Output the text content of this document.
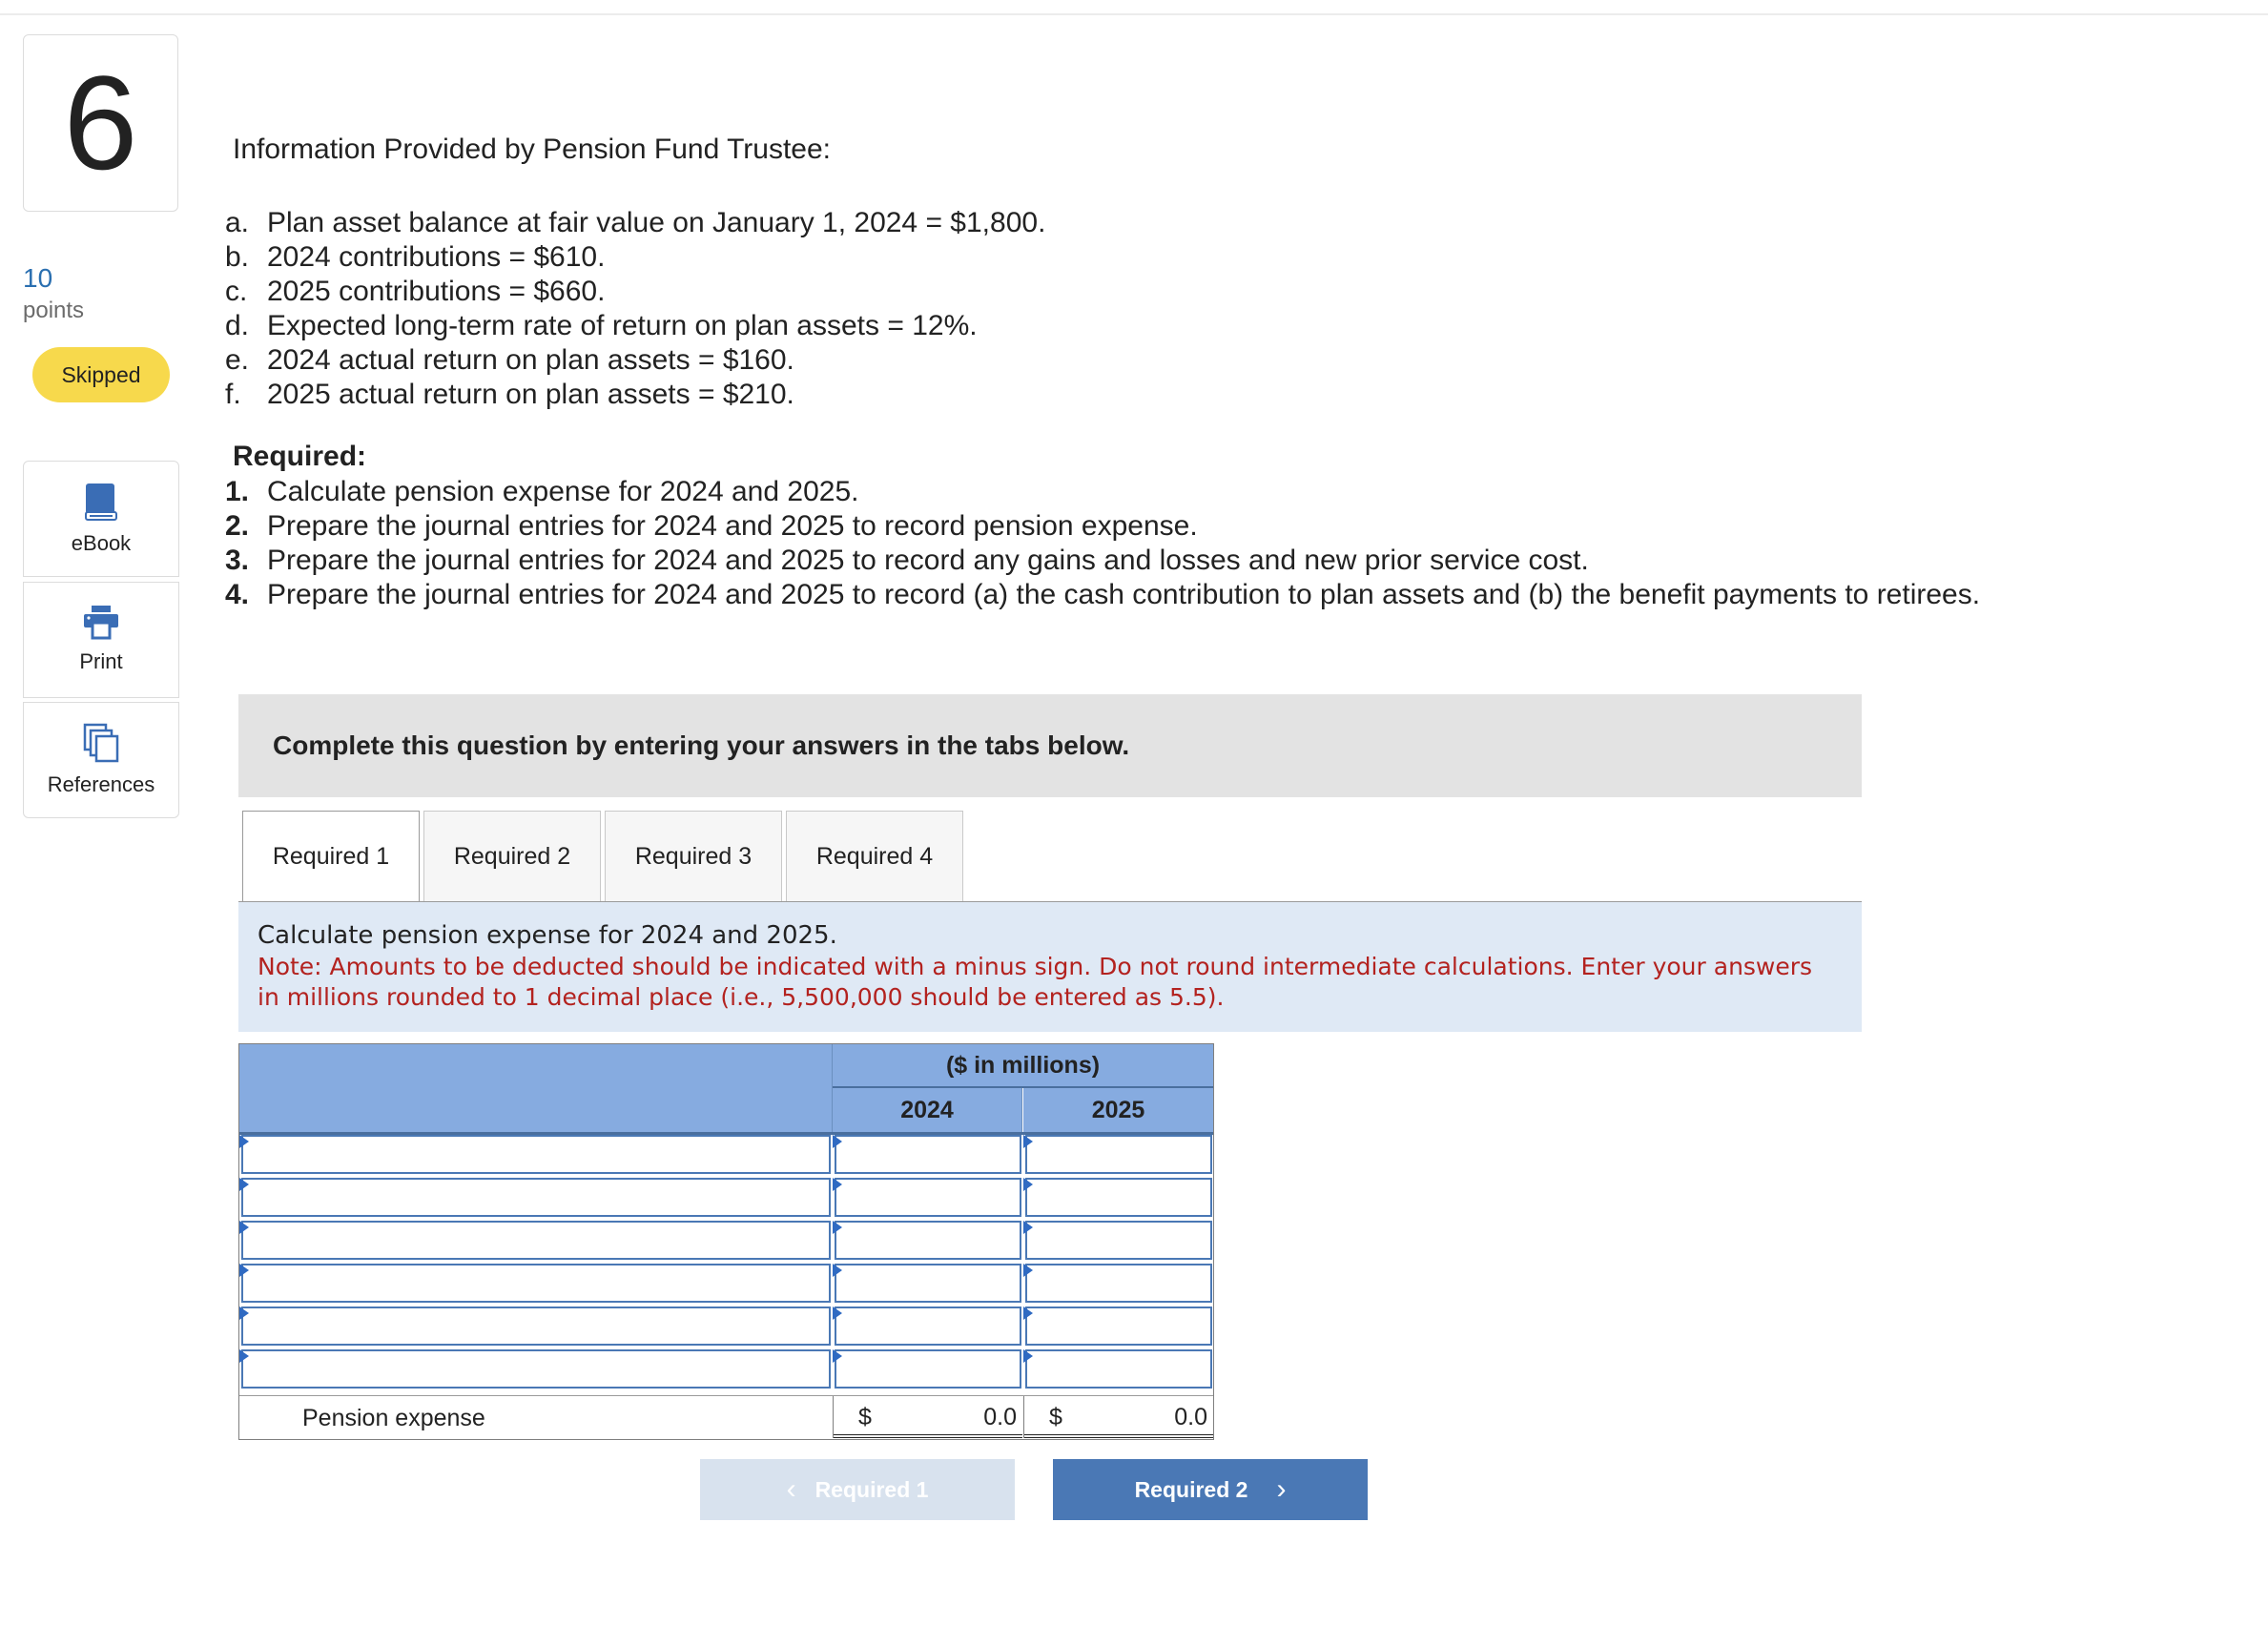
6
10
points
Skipped
eBook
Print
References
Information Provided by Pension Fund Trustee:
a. Plan asset balance at fair value on January 1, 2024 = $1,800.
b. 2024 contributions = $610.
c. 2025 contributions = $660.
d. Expected long-term rate of return on plan assets = 12%.
e. 2024 actual return on plan assets = $160.
f. 2025 actual return on plan assets = $210.
Required:
1. Calculate pension expense for 2024 and 2025.
2. Prepare the journal entries for 2024 and 2025 to record pension expense.
3. Prepare the journal entries for 2024 and 2025 to record any gains and losses and new prior service cost.
4. Prepare the journal entries for 2024 and 2025 to record (a) the cash contribution to plan assets and (b) the benefit payments to retirees.
Complete this question by entering your answers in the tabs below.
Required 1	Required 2	Required 3	Required 4
Calculate pension expense for 2024 and 2025.
Note: Amounts to be deducted should be indicated with a minus sign. Do not round intermediate calculations. Enter your answers in millions rounded to 1 decimal place (i.e., 5,500,000 should be entered as 5.5).
($ in millions)
2024	2025
Pension expense	$	0.0 $	0.0
‹ Required 1	Required 2 ›
